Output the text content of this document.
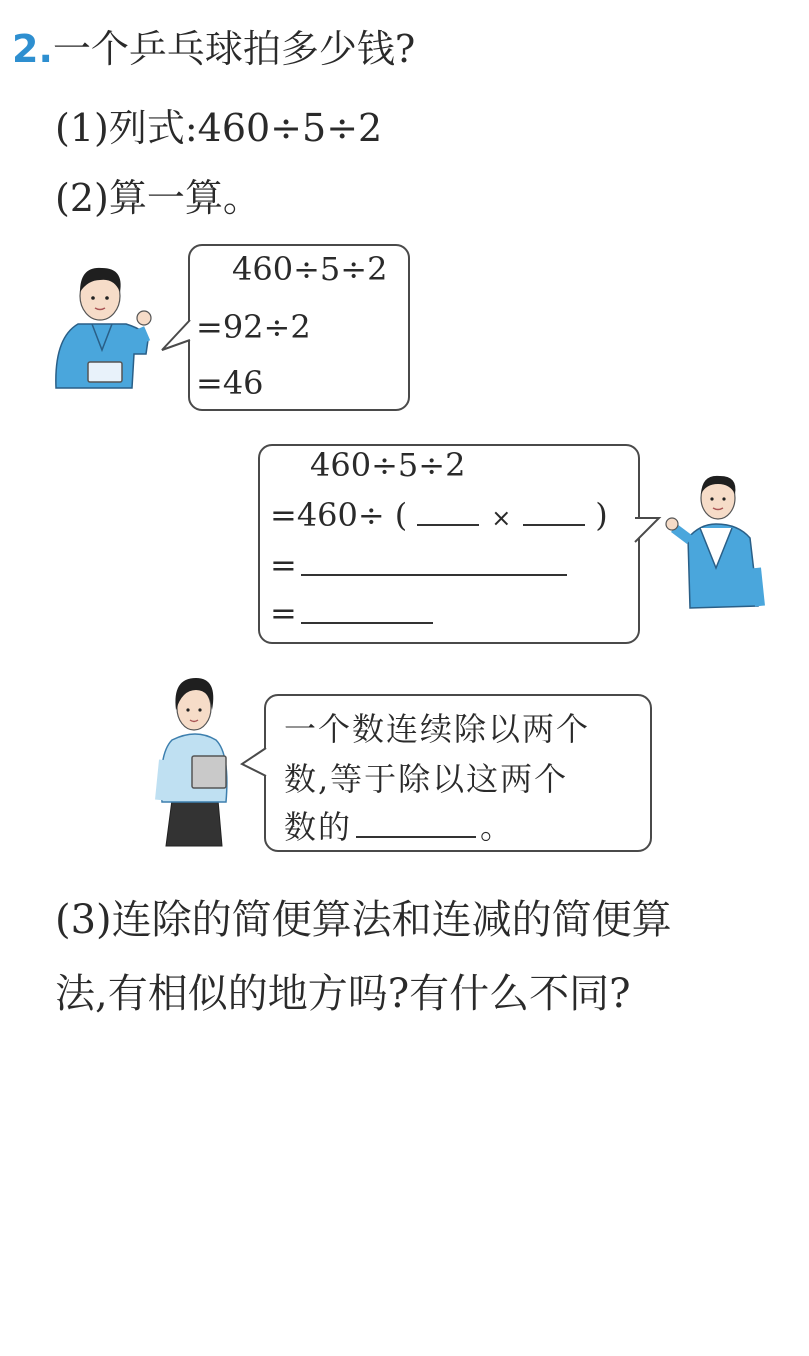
2.一个乒乓球拍多少钱?
(1)列式:460÷5÷2
(2)算一算。
460÷5÷2
=92÷2
=46
460÷5÷2
=460÷ (	×	)
=
=
一个数连续除以两个
数,等于除以这两个
数的	。
(3)连除的简便算法和连减的简便算
法,有相似的地方吗?有什么不同?
